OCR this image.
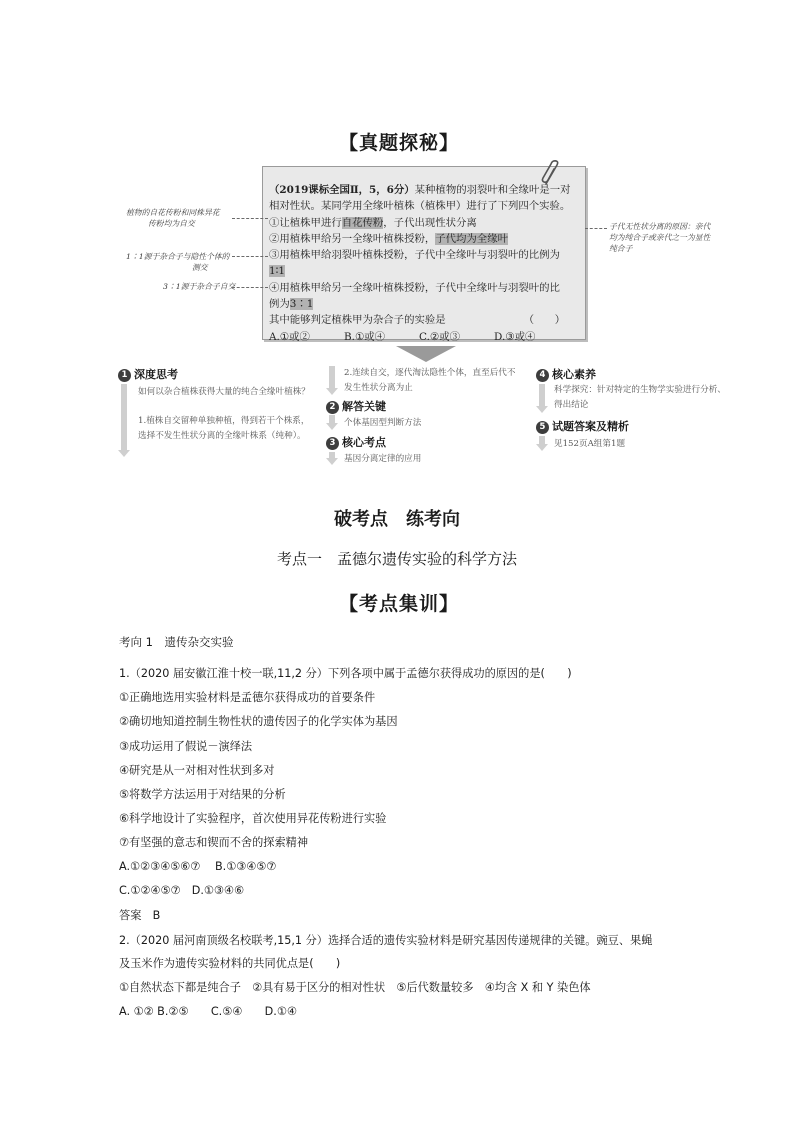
【真题探秘】
（2019课标全国Ⅱ，5，6分）某种植物的羽裂叶和全缘叶是一对
相对性状。某同学用全缘叶植株（植株甲）进行了下列四个实验。
①让植株甲进行自花传粉，子代出现性状分离
②用植株甲给另一全缘叶植株授粉，子代均为全缘叶
③用植株甲给羽裂叶植株授粉，子代中全缘叶与羽裂叶的比例为
1∶1
④用植株甲给另一全缘叶植株授粉，子代中全缘叶与羽裂叶的比
例为3∶1
其中能够判定植株甲为杂合子的实验是	（　　）
A.①或②	B.①或④	C.②或③	D.③或④
植物的自花传粉和同株异花
传粉均为自交
1∶1源于杂合子与隐性个体的
测交
3∶1源于杂合子自交
子代无性状分离的原因：亲代
均为纯合子或亲代之一为显性
纯合子
1 深度思考
如何以杂合植株获得大量的纯合全缘叶植株？
1.植株自交留种单独种植，得到若干个株系，选择不发生性状分离的全缘叶株系（纯种）。
2.连续自交，逐代淘汰隐性个体，直至后代不发生性状分离为止
2 解答关键
个体基因型判断方法
3 核心考点
基因分离定律的应用
4 核心素养
科学探究：针对特定的生物学实验进行分析、得出结论
5 试题答案及精析
见152页A组第1题
破考点　练考向
考点一　孟德尔遗传实验的科学方法
【考点集训】
考向 1　遗传杂交实验
1.（2020 届安徽江淮十校一联,11,2 分）下列各项中属于孟德尔获得成功的原因的是(　　)
①正确地选用实验材料是孟德尔获得成功的首要条件
②确切地知道控制生物性状的遗传因子的化学实体为基因
③成功运用了假说－演绎法
④研究是从一对相对性状到多对
⑤将数学方法运用于对结果的分析
⑥科学地设计了实验程序，首次使用异花传粉进行实验
⑦有坚强的意志和锲而不舍的探索精神
A.①②③④⑤⑥⑦　 B.①③④⑤⑦
C.①②④⑤⑦　D.①③④⑥
答案　B
2.（2020 届河南顶级名校联考,15,1 分）选择合适的遗传实验材料是研究基因传递规律的关键。豌豆、果蝇
及玉米作为遗传实验材料的共同优点是(　　)
①自然状态下都是纯合子　②具有易于区分的相对性状　⑤后代数量较多　④均含 X 和 Y 染色体
A. ①② B.②⑤　　C.⑤④　　D.①④
